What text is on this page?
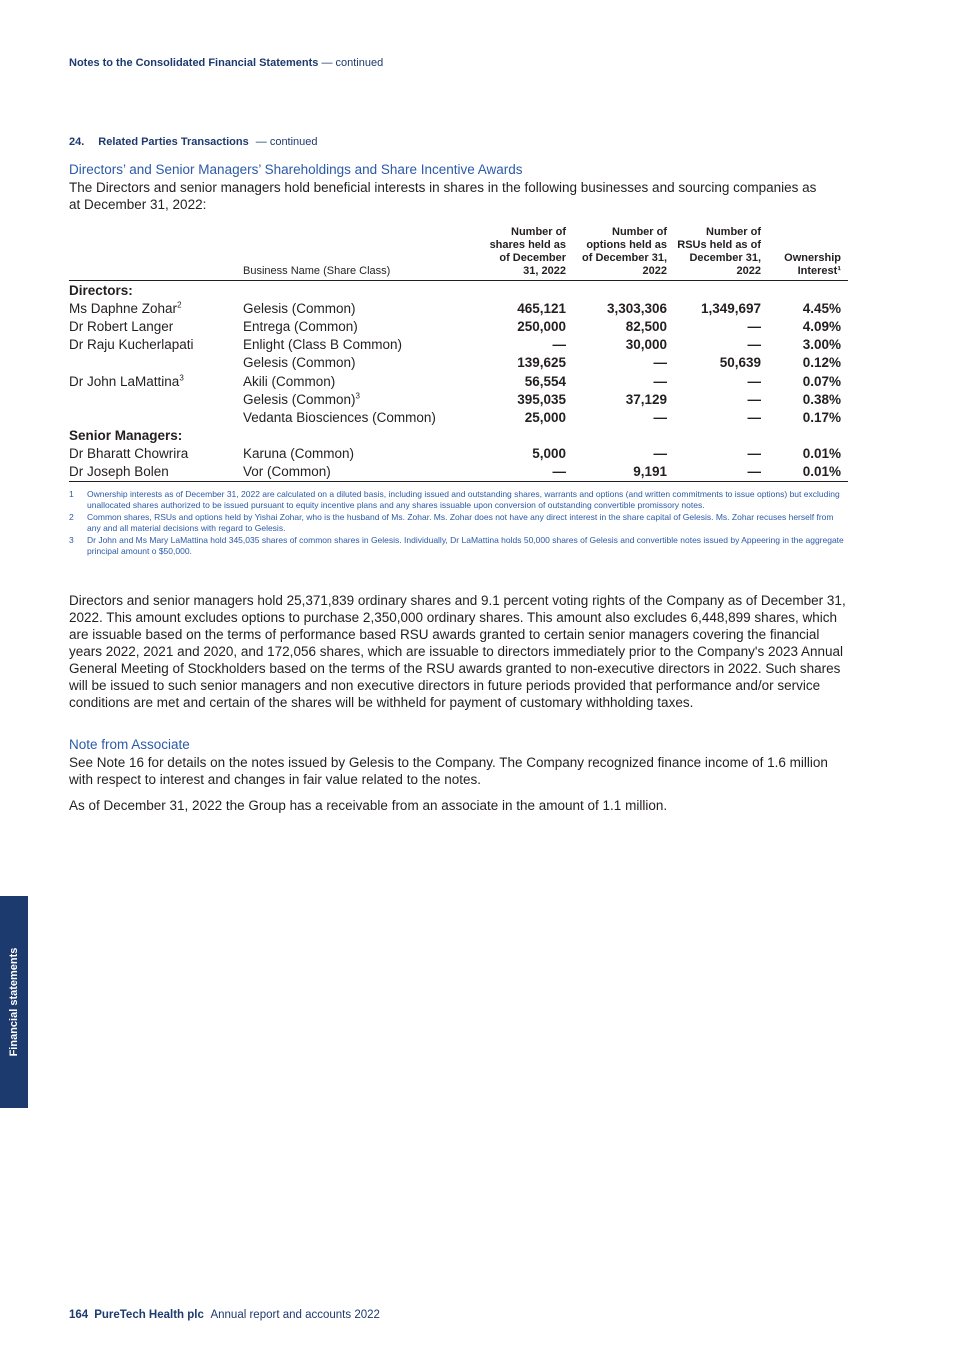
Notes to the Consolidated Financial Statements — continued
24. Related Parties Transactions — continued
Directors’ and Senior Managers’ Shareholdings and Share Incentive Awards
The Directors and senior managers hold beneficial interests in shares in the following businesses and sourcing companies as at December 31, 2022:
	Business Name (Share Class)	Number of
shares held as
of December
31, 2022	Number of
options held as
of December 31,
2022	Number of
RSUs held as of
December 31,
2022	Ownership
Interest¹
Directors:					
Ms Daphne Zohar$^2$	Gelesis (Common)	465,121	3,303,306	1,349,697	4.45%
Dr Robert Langer	Entrega (Common)	250,000	82,500	—	4.09%
Dr Raju Kucherlapati	Enlight (Class B Common)	—	30,000	—	3.00%
	Gelesis (Common)	139,625	—	50,639	0.12%
Dr John LaMattina$^3$	Akili (Common)	56,554	—	—	0.07%
	Gelesis (Common)$^3$	395,035	37,129	—	0.38%
	Vedanta Biosciences (Common)	25,000	—	—	0.17%
Senior Managers:					
Dr Bharatt Chowrira	Karuna (Common)	5,000	—	—	0.01%
Dr Joseph Bolen	Vor (Common)	—	9,191	—	0.01%
1	Ownership interests as of December 31, 2022 are calculated on a diluted basis, including issued and outstanding shares, warrants and options (and written commitments to issue options) but excluding unallocated shares authorized to be issued pursuant to equity incentive plans and any shares issuable upon conversion of outstanding convertible promissory notes.
2	Common shares, RSUs and options held by Yishai Zohar, who is the husband of Ms. Zohar. Ms. Zohar does not have any direct interest in the share capital of Gelesis. Ms. Zohar recuses herself from any and all material decisions with regard to Gelesis.
3	Dr John and Ms Mary LaMattina hold 345,035 shares of common shares in Gelesis. Individually, Dr LaMattina holds 50,000 shares of Gelesis and convertible notes issued by Appeering in the aggregate principal amount o $50,000.
Directors and senior managers hold 25,371,839 ordinary shares and 9.1 percent voting rights of the Company as of December 31, 2022. This amount excludes options to purchase 2,350,000 ordinary shares. This amount also excludes 6,448,899 shares, which are issuable based on the terms of performance based RSU awards granted to certain senior managers covering the financial years 2022, 2021 and 2020, and 172,056 shares, which are issuable to directors immediately prior to the Company's 2023 Annual General Meeting of Stockholders based on the terms of the RSU awards granted to non-executive directors in 2022. Such shares will be issued to such senior managers and non executive directors in future periods provided that performance and/or service conditions are met and certain of the shares will be withheld for payment of customary withholding taxes.
Note from Associate
See Note 16 for details on the notes issued by Gelesis to the Company. The Company recognized finance income of 1.6 million with respect to interest and changes in fair value related to the notes.
As of December 31, 2022 the Group has a receivable from an associate in the amount of 1.1 million.
Financial statements
164 PureTech Health plc Annual report and accounts 2022
